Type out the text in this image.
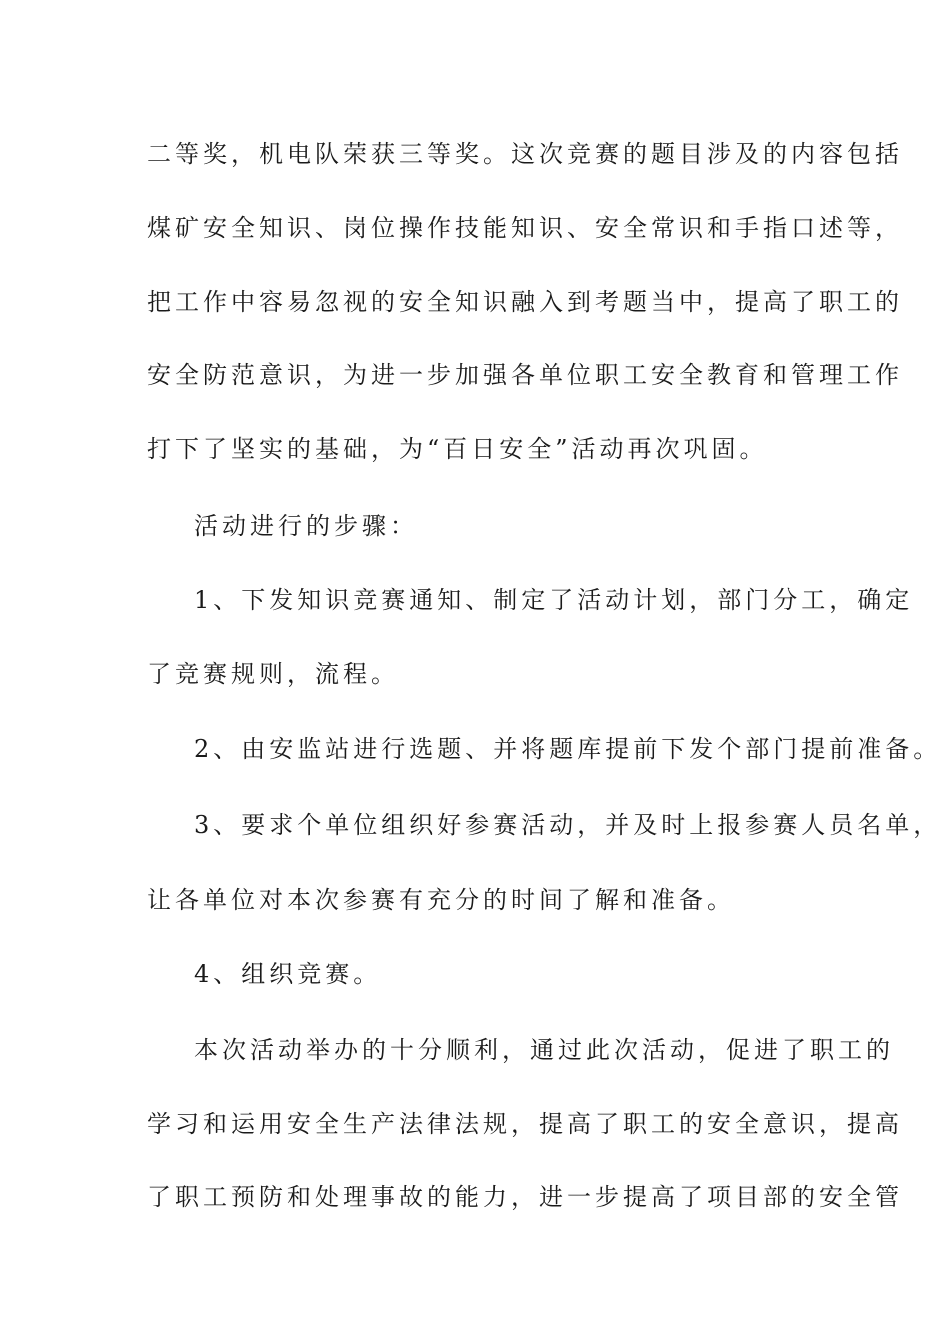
二等奖，机电队荣获三等奖。这次竞赛的题目涉及的内容包括
煤矿安全知识、岗位操作技能知识、安全常识和手指口述等，
把工作中容易忽视的安全知识融入到考题当中，提高了职工的
安全防范意识，为进一步加强各单位职工安全教育和管理工作
打下了坚实的基础，为“百日安全”活动再次巩固。
活动进行的步骤：
1、下发知识竞赛通知、制定了活动计划，部门分工，确定
了竞赛规则，流程。
2、由安监站进行选题、并将题库提前下发个部门提前准备。
3、要求个单位组织好参赛活动，并及时上报参赛人员名单，
让各单位对本次参赛有充分的时间了解和准备。
4、组织竞赛。
本次活动举办的十分顺利，通过此次活动，促进了职工的
学习和运用安全生产法律法规，提高了职工的安全意识，提高
了职工预防和处理事故的能力，进一步提高了项目部的安全管
